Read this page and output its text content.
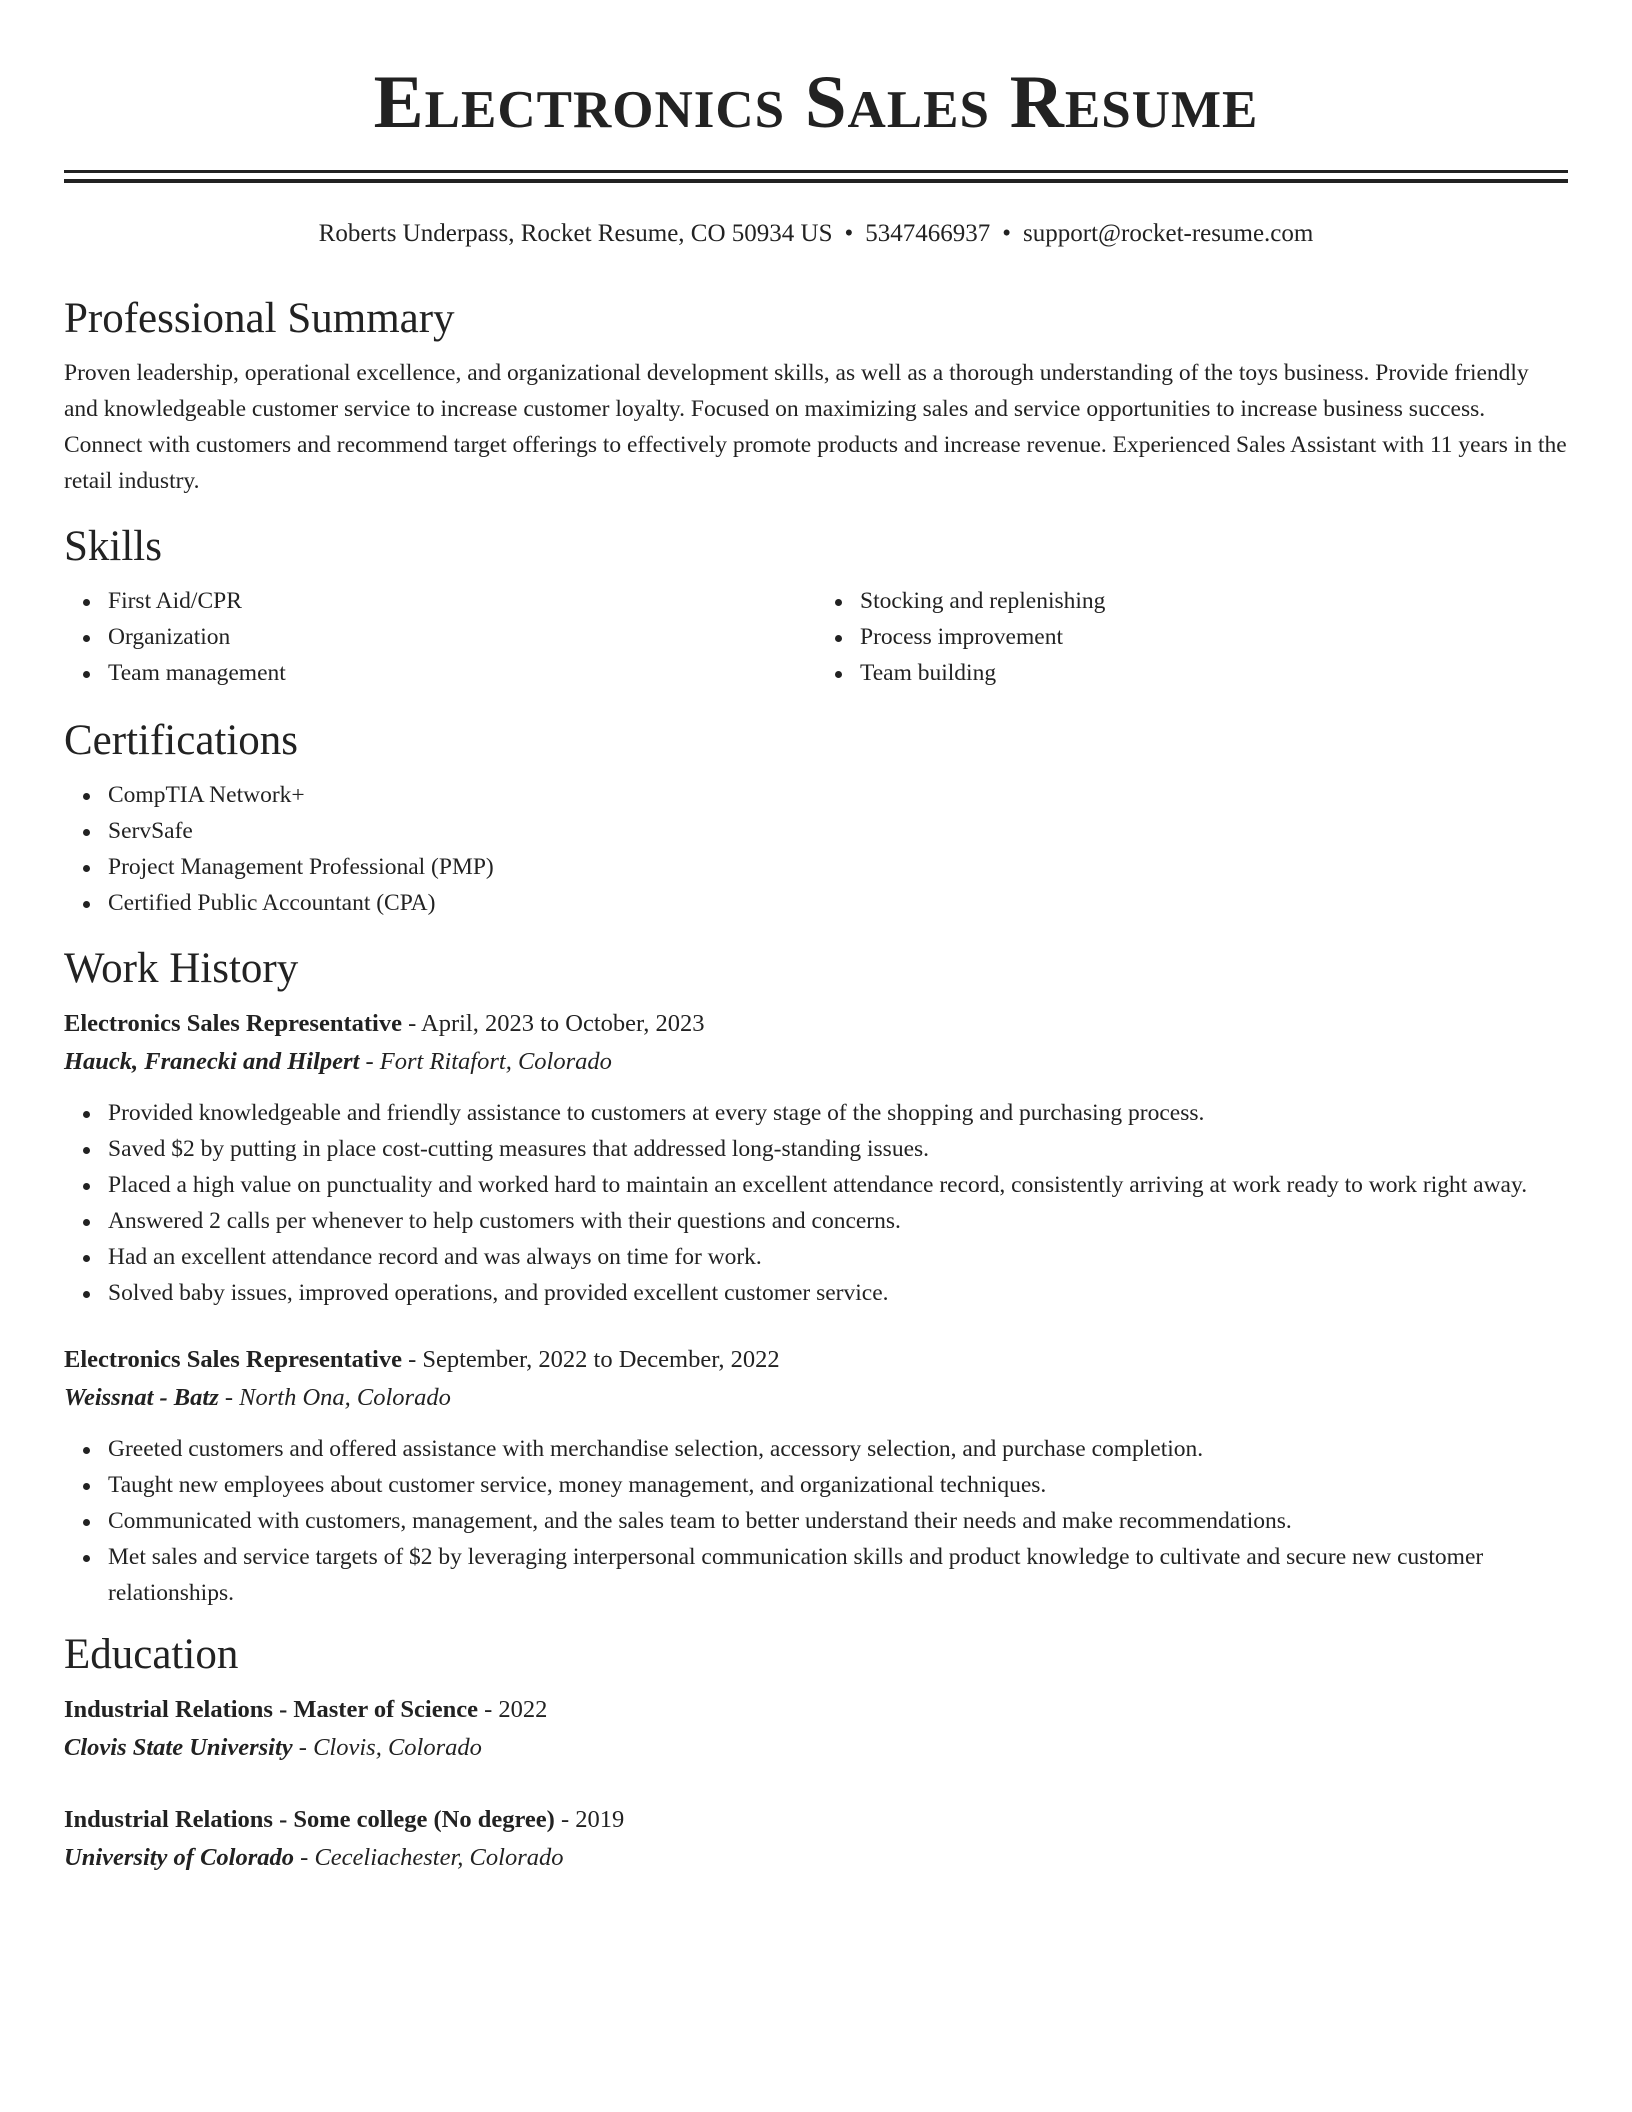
Electronics Sales Resume
Roberts Underpass, Rocket Resume, CO 50934 US • 5347466937 • support@rocket-resume.com
Professional Summary

Proven leadership, operational excellence, and organizational development skills, as well as a thorough understanding of the toys business. Provide friendly and knowledgeable customer service to increase customer loyalty. Focused on maximizing sales and service opportunities to increase business success. Connect with customers and recommend target offerings to effectively promote products and increase revenue. Experienced Sales Assistant with 11 years in the retail industry.

Skills
First Aid/CPR
Organization
Team management
Stocking and replenishing
Process improvement
Team building
Certifications
CompTIA Network+
ServSafe
Project Management Professional (PMP)
Certified Public Accountant (CPA)
Work History
Electronics Sales Representative - April, 2023 to October, 2023
Hauck, Franecki and Hilpert - Fort Ritafort, Colorado
Provided knowledgeable and friendly assistance to customers at every stage of the shopping and purchasing process.
Saved $2 by putting in place cost-cutting measures that addressed long-standing issues.
Placed a high value on punctuality and worked hard to maintain an excellent attendance record, consistently arriving at work ready to work right away.
Answered 2 calls per whenever to help customers with their questions and concerns.
Had an excellent attendance record and was always on time for work.
Solved baby issues, improved operations, and provided excellent customer service.
Electronics Sales Representative - September, 2022 to December, 2022
Weissnat - Batz - North Ona, Colorado
Greeted customers and offered assistance with merchandise selection, accessory selection, and purchase completion.
Taught new employees about customer service, money management, and organizational techniques.
Communicated with customers, management, and the sales team to better understand their needs and make recommendations.
Met sales and service targets of $2 by leveraging interpersonal communication skills and product knowledge to cultivate and secure new customer relationships.
Education
Industrial Relations - Master of Science - 2022
Clovis State University - Clovis, Colorado
Industrial Relations - Some college (No degree) - 2019
University of Colorado - Ceceliachester, Colorado
